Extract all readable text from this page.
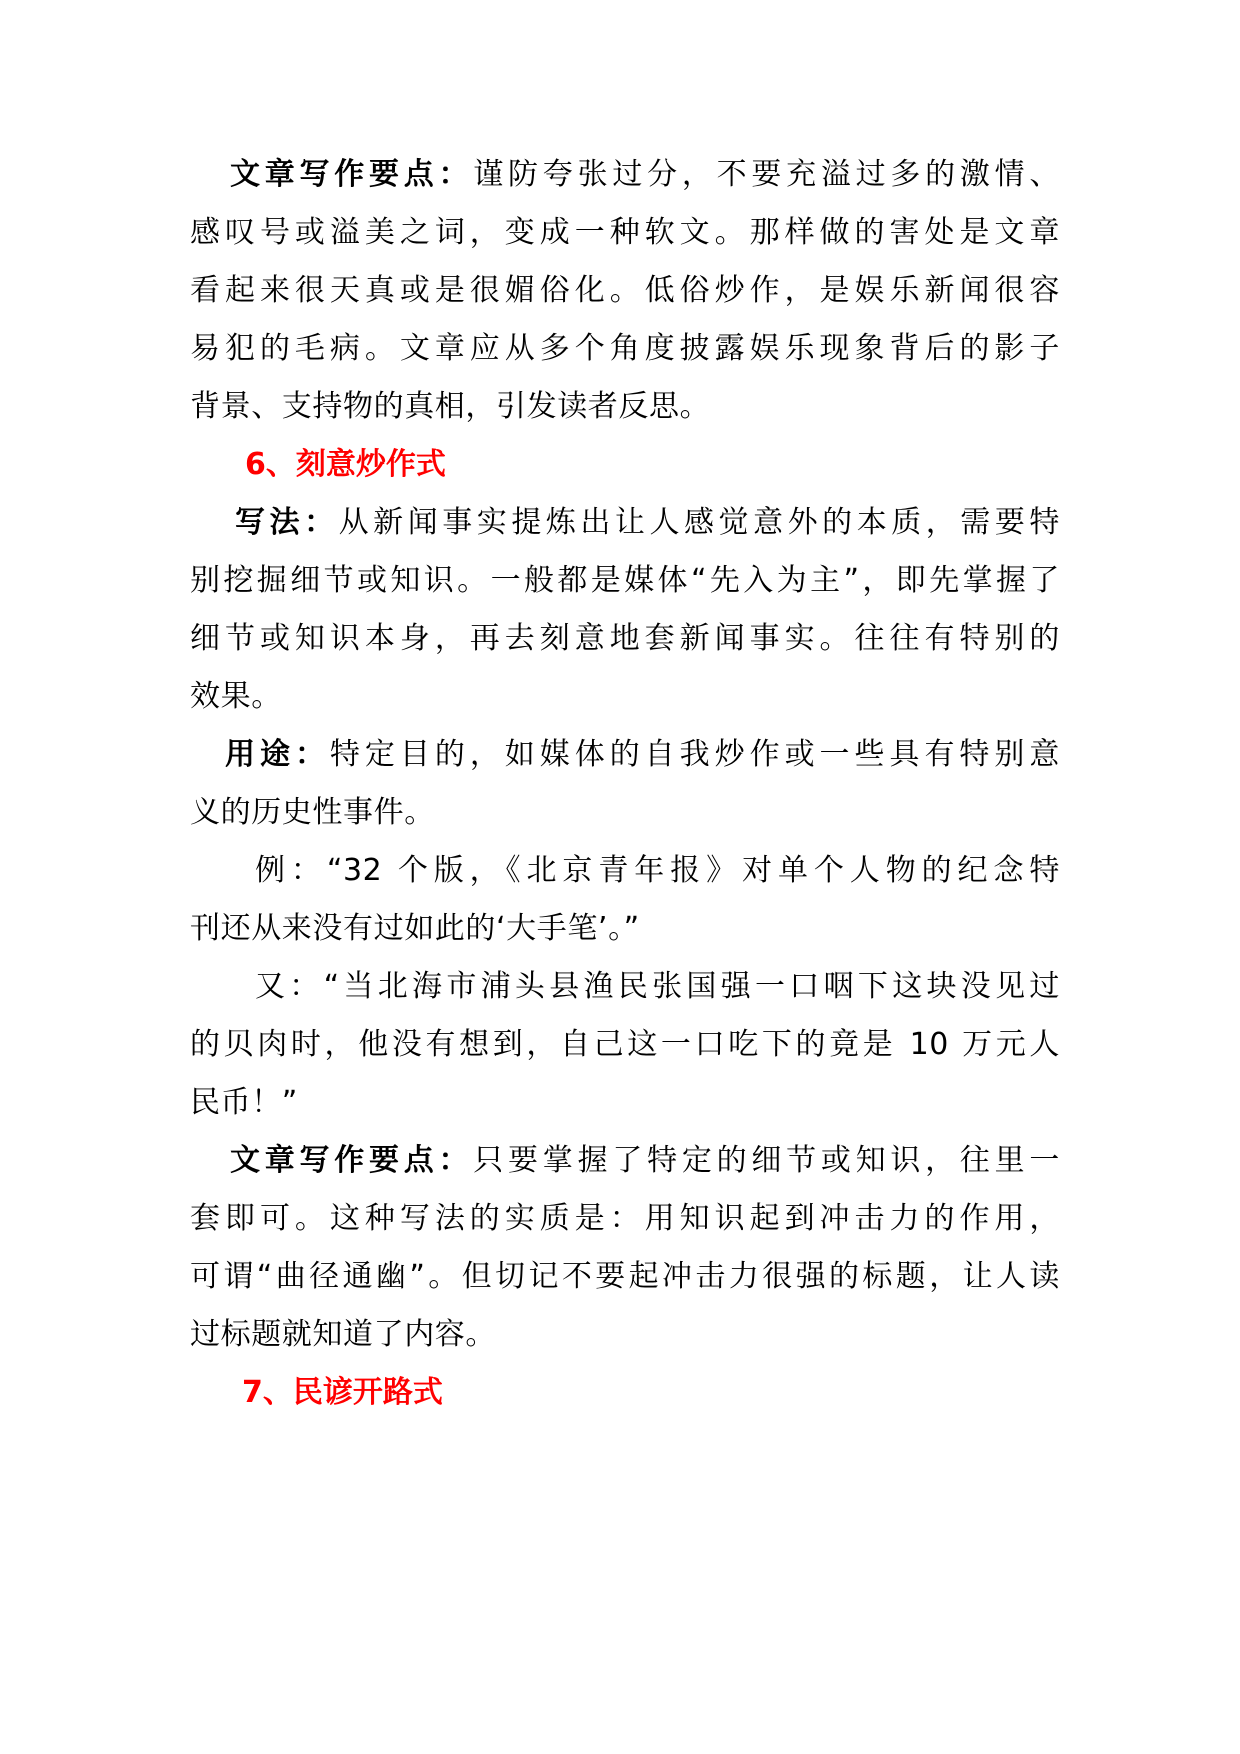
文章写作要点：谨防夸张过分，不要充溢过多的激情、
感叹号或溢美之词，变成一种软文。那样做的害处是文章
看起来很天真或是很媚俗化。低俗炒作，是娱乐新闻很容
易犯的毛病。文章应从多个角度披露娱乐现象背后的影子
背景、支持物的真相，引发读者反思。
6、刻意炒作式
写法：从新闻事实提炼出让人感觉意外的本质，需要特
别挖掘细节或知识。一般都是媒体“先入为主”，即先掌握了
细节或知识本身，再去刻意地套新闻事实。往往有特别的
效果。
用途：特定目的，如媒体的自我炒作或一些具有特别意
义的历史性事件。
例：“32 个版，《北京青年报》对单个人物的纪念特
刊还从来没有过如此的‘大手笔’。”
又：“当北海市浦头县渔民张国强一口咽下这块没见过
的贝肉时，他没有想到，自己这一口吃下的竟是 10 万元人
民币！”
文章写作要点：只要掌握了特定的细节或知识，往里一
套即可。这种写法的实质是：用知识起到冲击力的作用，
可谓“曲径通幽”。但切记不要起冲击力很强的标题，让人读
过标题就知道了内容。
7、民谚开路式
